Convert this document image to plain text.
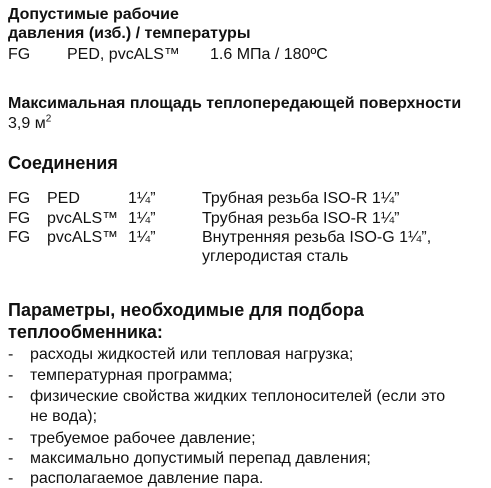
Допустимые рабочие
давления (изб.) / температуры
FG PED, pvcALS™ 1.6 МПа / 180ºC
Максимальная площадь теплопередающей поверхности
3,9 $м^2$
Соединения
FG PED	1¼”	Трубная резьба ISO-R 1¼”
FG pvcALS™ 1¼”	Трубная резьба ISO-R 1¼”
FG pvcALS™ 1¼”	Внутренняя резьба ISO-G 1¼”,
углеродистая сталь
Параметры, необходимые для подбора
теплообменника:
- расходы жидкостей или тепловая нагрузка;
- температурная программа;
- физические свойства жидких теплоносителей (если это
не вода);
- требуемое рабочее давление;
- максимально допустимый перепад давления;
- располагаемое давление пара.
